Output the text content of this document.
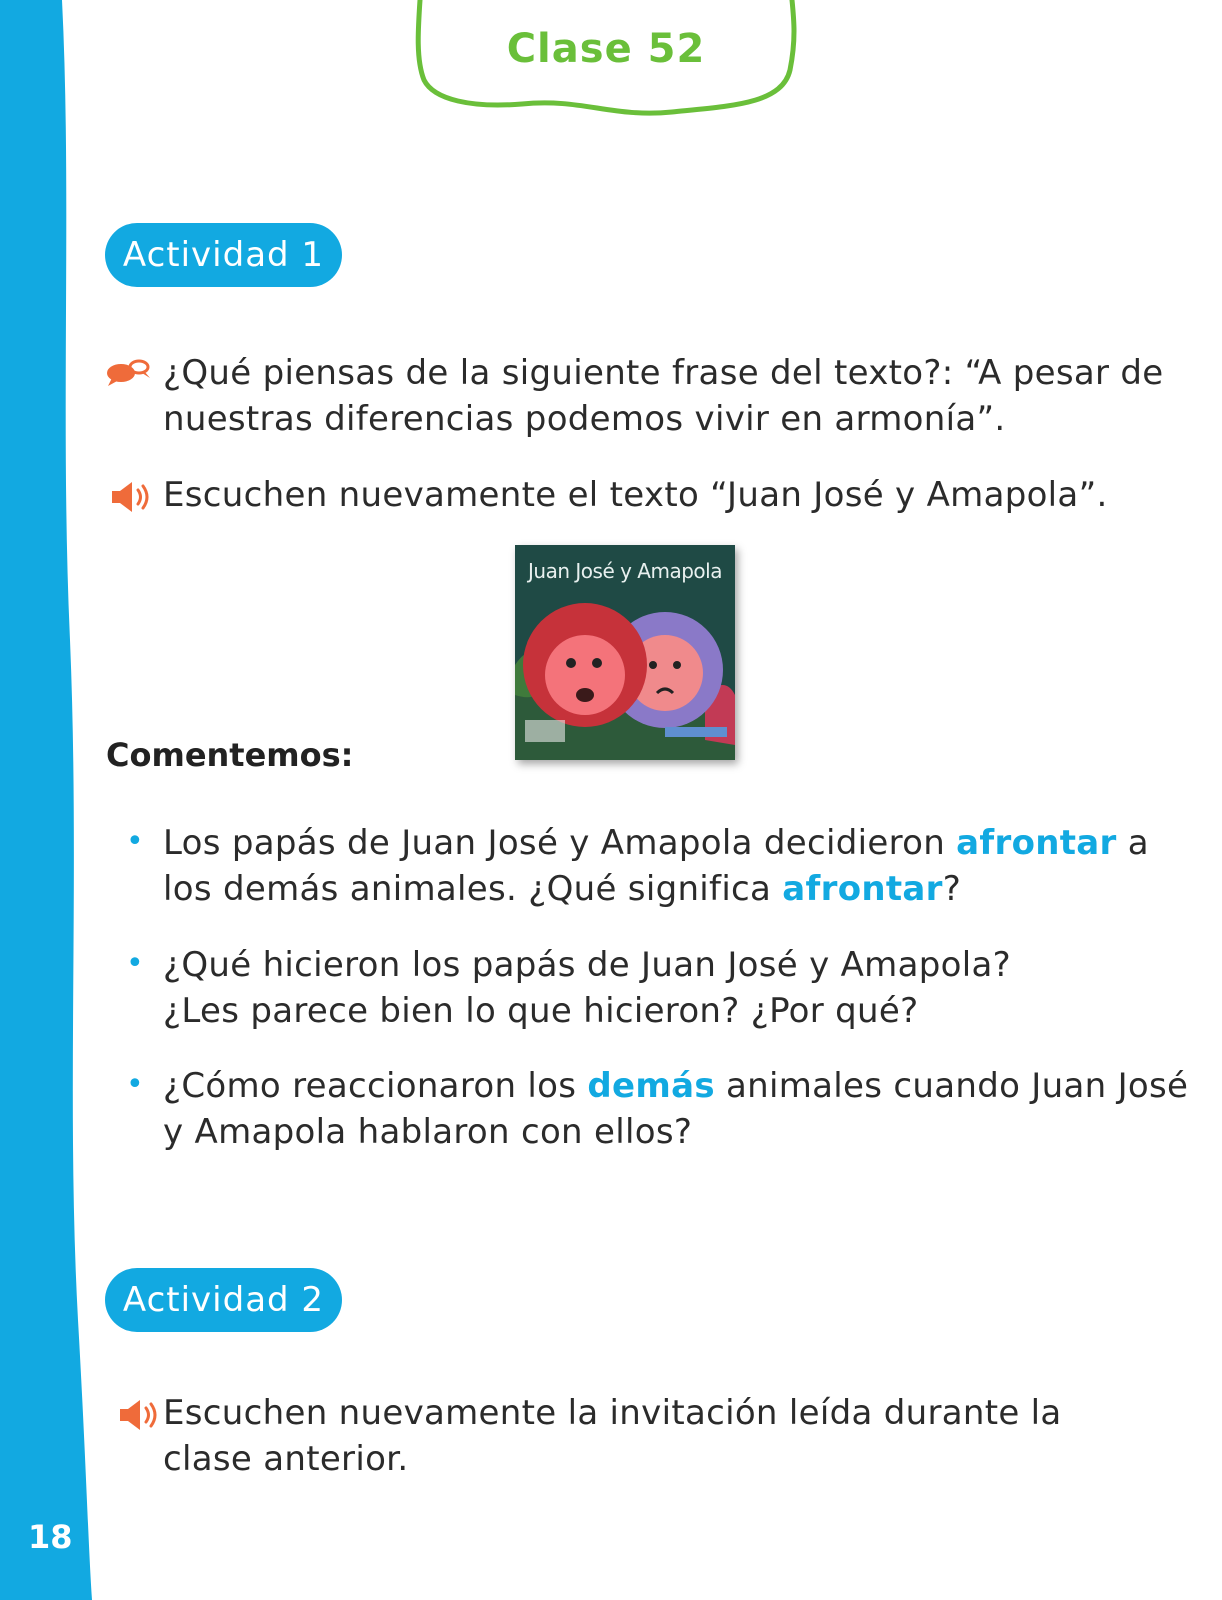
18
Clase 52
Actividad 1
¿Qué piensas de la siguiente frase del texto?: “A pesar de
nuestras diferencias podemos vivir en armonía”.
Escuchen nuevamente el texto “Juan José y Amapola”.
Juan José y Amapola
Comentemos:
• Los papás de Juan José y Amapola decidieron afrontar a
los demás animales. ¿Qué significa afrontar?
• ¿Qué hicieron los papás de Juan José y Amapola?
¿Les parece bien lo que hicieron? ¿Por qué?
• ¿Cómo reaccionaron los demás animales cuando Juan José
y Amapola hablaron con ellos?
Actividad 2
Escuchen nuevamente la invitación leída durante la
clase anterior.
